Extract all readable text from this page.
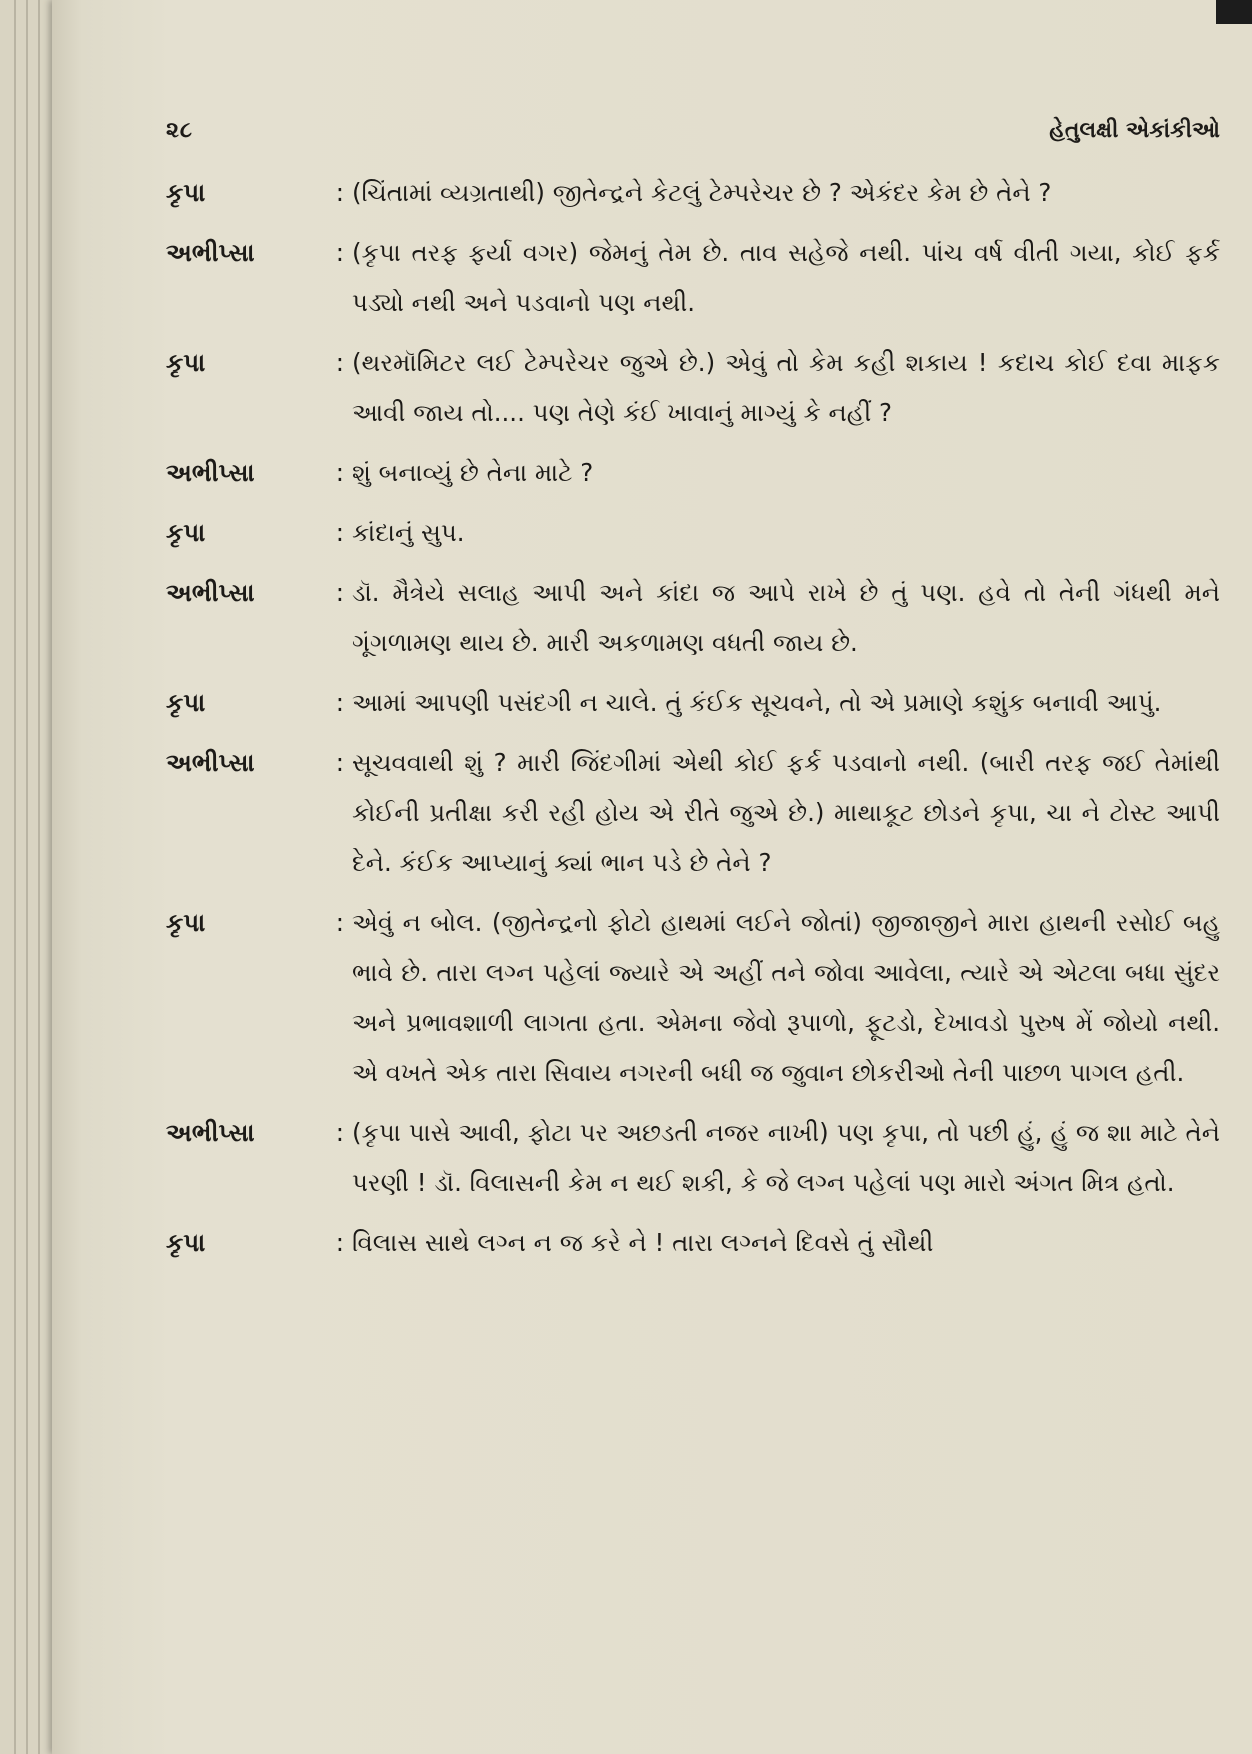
૨૮	હેતુલક્ષી એકાંકીઓ
કૃપા	: (ચિંતામાં વ્યગ્રતાથી) જીતેન્દ્રને કેટલું ટેમ્પરેચર છે ? એકંદર કેમ છે તેને ?
અભીપ્સા	: (કૃપા તરફ ફર્યા વગર) જેમનું તેમ છે. તાવ સહેજે નથી. પાંચ વર્ષ વીતી ગયા, કોઈ ફર્ક પડ્યો નથી અને પડવાનો પણ નથી.
કૃપા	: (થરમૉમિટર લઈ ટેમ્પરેચર જુએ છે.) એવું તો કેમ કહી શકાય ! કદાચ કોઈ દવા માફક આવી જાય તો.... પણ તેણે કંઈ ખાવાનું માગ્યું કે નહીં ?
અભીપ્સા	: શું બનાવ્યું છે તેના માટે ?
કૃપા	: કાંદાનું સુપ.
અભીપ્સા	: ડૉ. મૈત્રેયે સલાહ આપી અને કાંદા જ આપે રાખે છે તું પણ. હવે તો તેની ગંધથી મને ગૂંગળામણ થાય છે. મારી અકળામણ વધતી જાય છે.
કૃપા	: આમાં આપણી પસંદગી ન ચાલે. તું કંઈક સૂચવને, તો એ પ્રમાણે કશુંક બનાવી આપું.
અભીપ્સા	: સૂચવવાથી શું ? મારી જિંદગીમાં એથી કોઈ ફર્ક પડવાનો નથી. (બારી તરફ જઈ તેમાંથી કોઈની પ્રતીક્ષા કરી રહી હોય એ રીતે જુએ છે.) માથાકૂટ છોડને કૃપા, ચા ને ટોસ્ટ આપી દેને. કંઈક આપ્યાનું ક્યાં ભાન પડે છે તેને ?
કૃપા	: એવું ન બોલ. (જીતેન્દ્રનો ફોટો હાથમાં લઈને જોતાં) જીજાજીને મારા હાથની રસોઈ બહુ ભાવે છે. તારા લગ્ન પહેલાં જ્યારે એ અહીં તને જોવા આવેલા, ત્યારે એ એટલા બધા સુંદર અને પ્રભાવશાળી લાગતા હતા. એમના જેવો રૂપાળો, ફૂટડો, દેખાવડો પુરુષ મેં જોયો નથી. એ વખતે એક તારા સિવાય નગરની બધી જ જુવાન છોકરીઓ તેની પાછળ પાગલ હતી.
અભીપ્સા	: (કૃપા પાસે આવી, ફોટા પર અછડતી નજર નાખી) પણ કૃપા, તો પછી હું, હું જ શા માટે તેને પરણી ! ડૉ. વિલાસની કેમ ન થઈ શકી, કે જે લગ્ન પહેલાં પણ મારો અંગત મિત્ર હતો.
કૃપા	: વિલાસ સાથે લગ્ન ન જ કરે ને ! તારા લગ્નને દિવસે તું સૌથી
